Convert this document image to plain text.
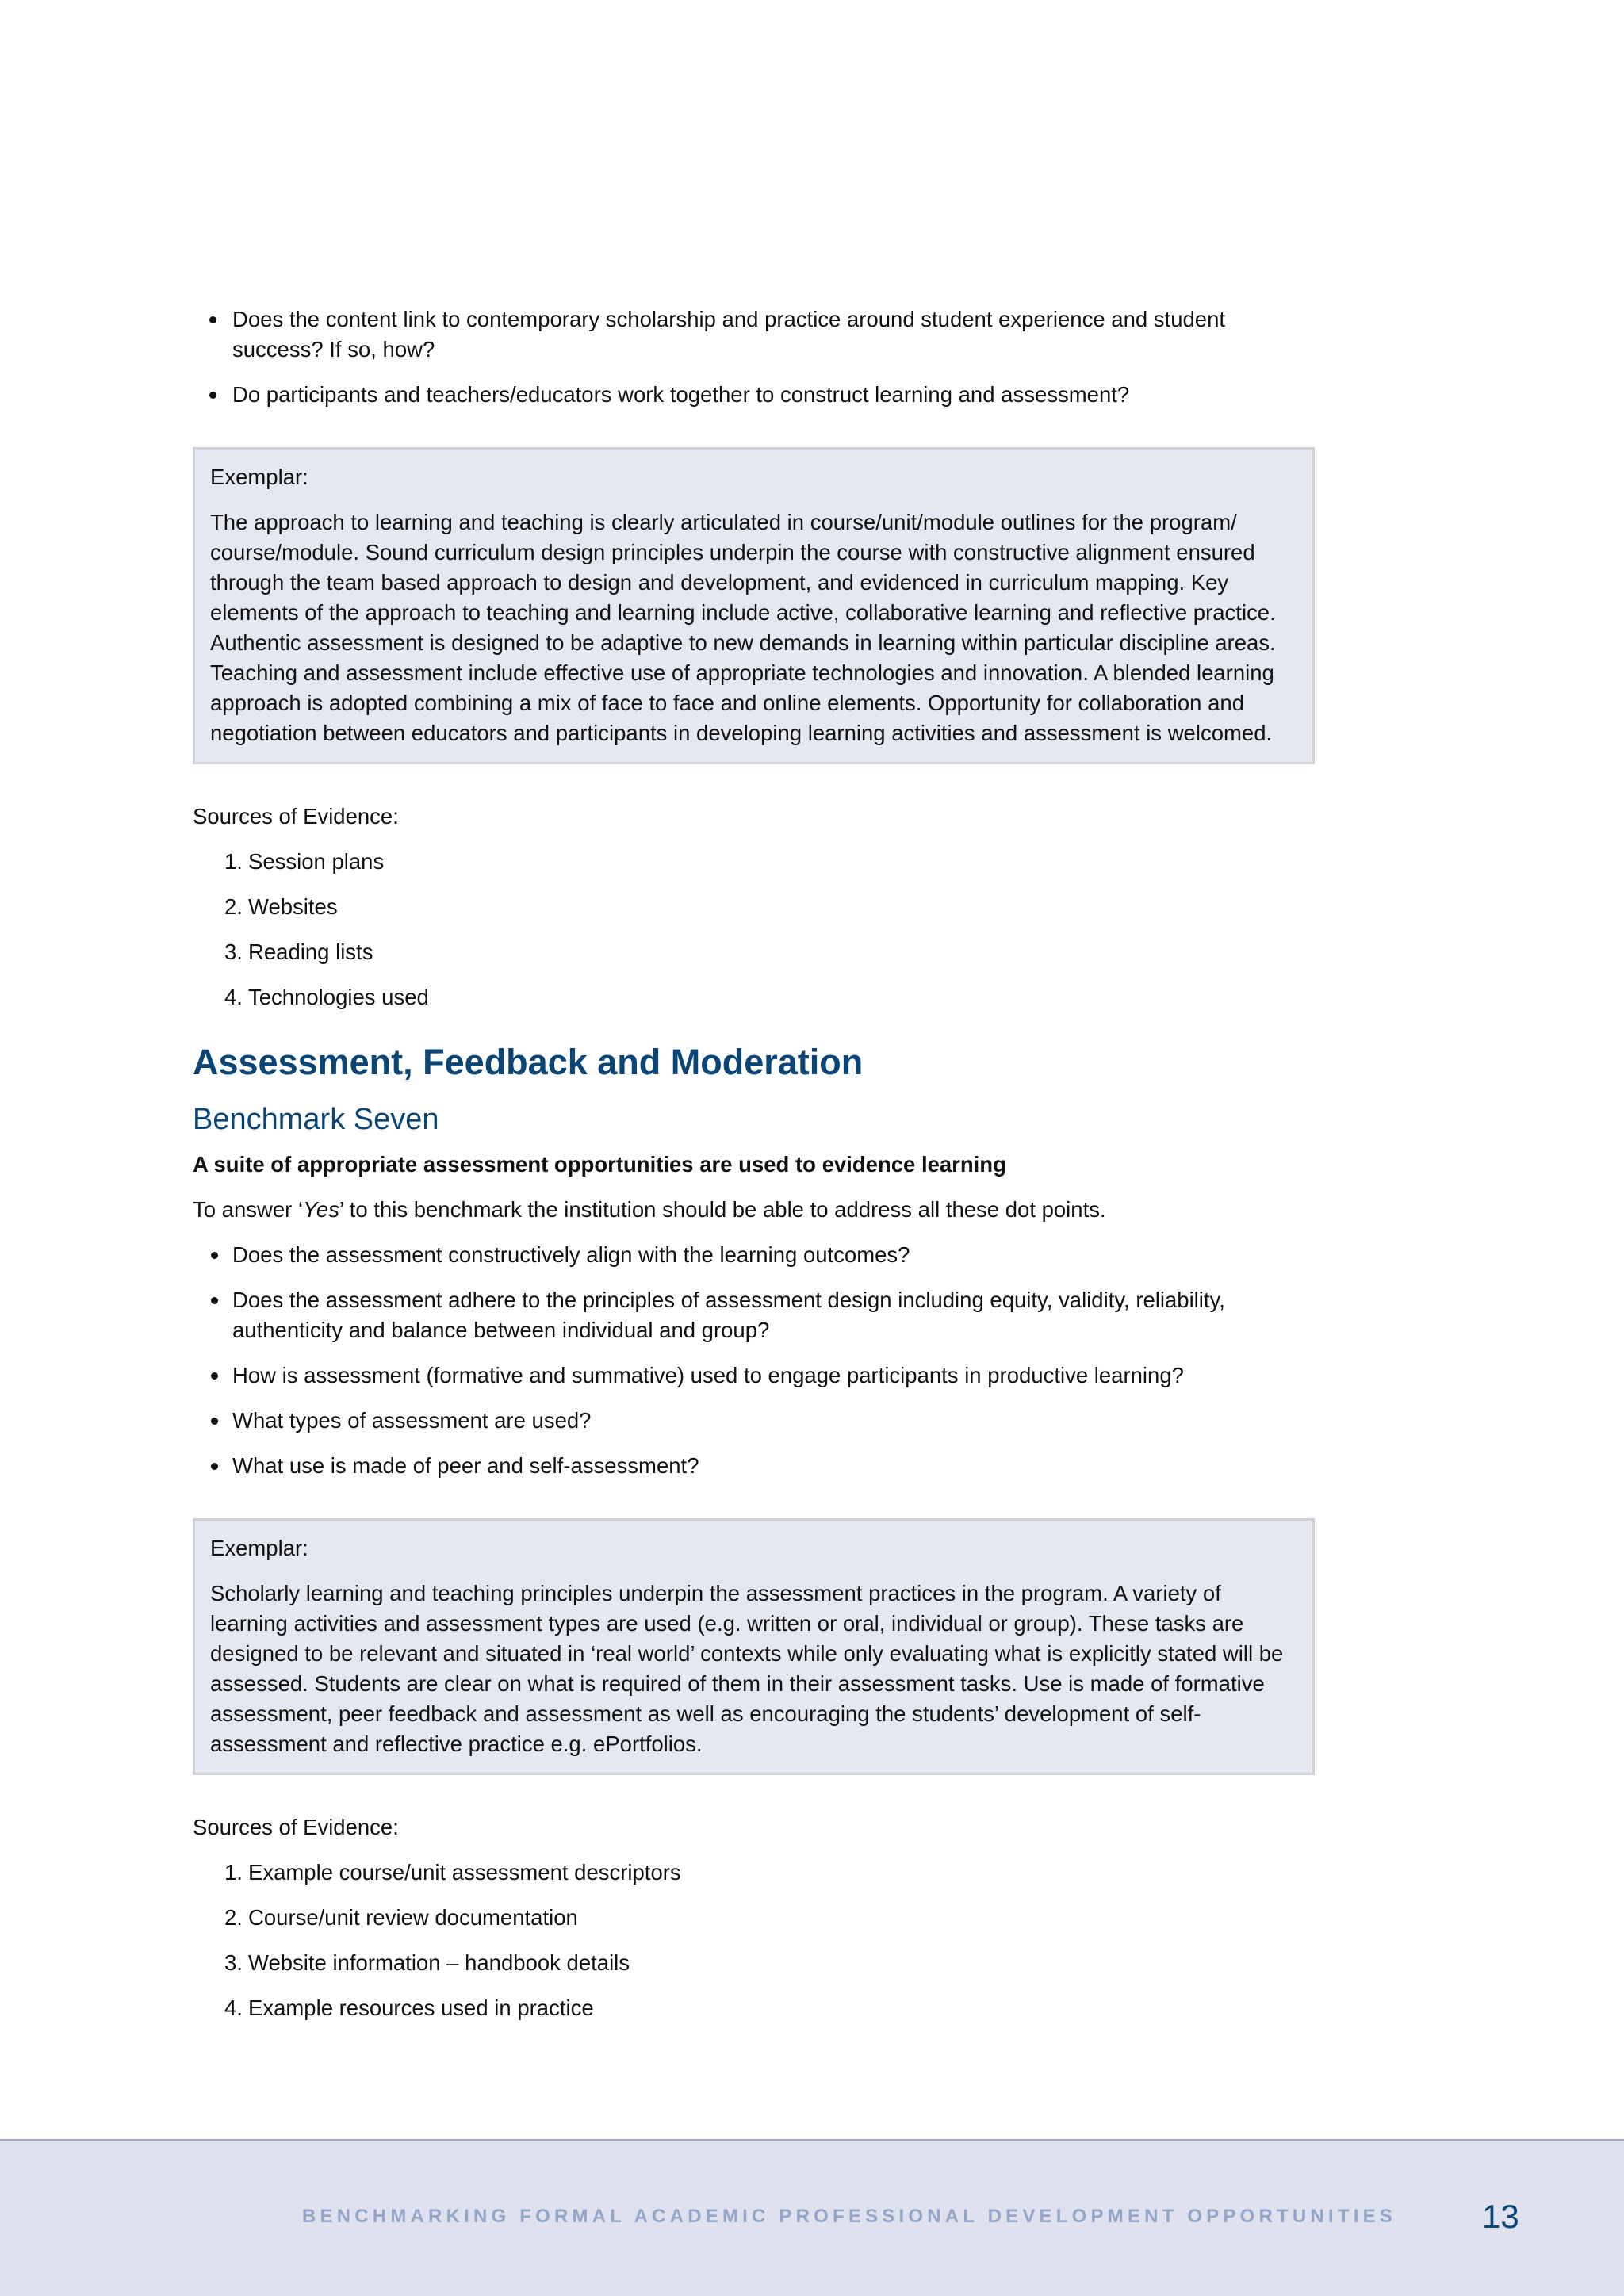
Does the content link to contemporary scholarship and practice around student experience and student success? If so, how?
Do participants and teachers/educators work together to construct learning and assessment?
Exemplar:

The approach to learning and teaching is clearly articulated in course/unit/module outlines for the program/ course/module. Sound curriculum design principles underpin the course with constructive alignment ensured through the team based approach to design and development, and evidenced in curriculum mapping. Key elements of the approach to teaching and learning include active, collaborative learning and reflective practice. Authentic assessment is designed to be adaptive to new demands in learning within particular discipline areas. Teaching and assessment include effective use of appropriate technologies and innovation. A blended learning approach is adopted combining a mix of face to face and online elements. Opportunity for collaboration and negotiation between educators and participants in developing learning activities and assessment is welcomed.

Sources of Evidence:

1. Session plans
2. Websites
3. Reading lists
4. Technologies used
Assessment, Feedback and Moderation
Benchmark Seven

A suite of appropriate assessment opportunities are used to evidence learning

To answer ‘Yes’ to this benchmark the institution should be able to address all these dot points.

Does the assessment constructively align with the learning outcomes?
Does the assessment adhere to the principles of assessment design including equity, validity, reliability, authenticity and balance between individual and group?
How is assessment (formative and summative) used to engage participants in productive learning?
What types of assessment are used?
What use is made of peer and self-assessment?
Exemplar:

Scholarly learning and teaching principles underpin the assessment practices in the program. A variety of learning activities and assessment types are used (e.g. written or oral, individual or group). These tasks are designed to be relevant and situated in ‘real world’ contexts while only evaluating what is explicitly stated will be assessed. Students are clear on what is required of them in their assessment tasks. Use is made of formative assessment, peer feedback and assessment as well as encouraging the students’ development of self-assessment and reflective practice e.g. ePortfolios.

Sources of Evidence:

1. Example course/unit assessment descriptors
2. Course/unit review documentation
3. Website information – handbook details
4. Example resources used in practice
BENCHMARKING FORMAL ACADEMIC PROFESSIONAL DEVELOPMENT OPPORTUNITIES	13
